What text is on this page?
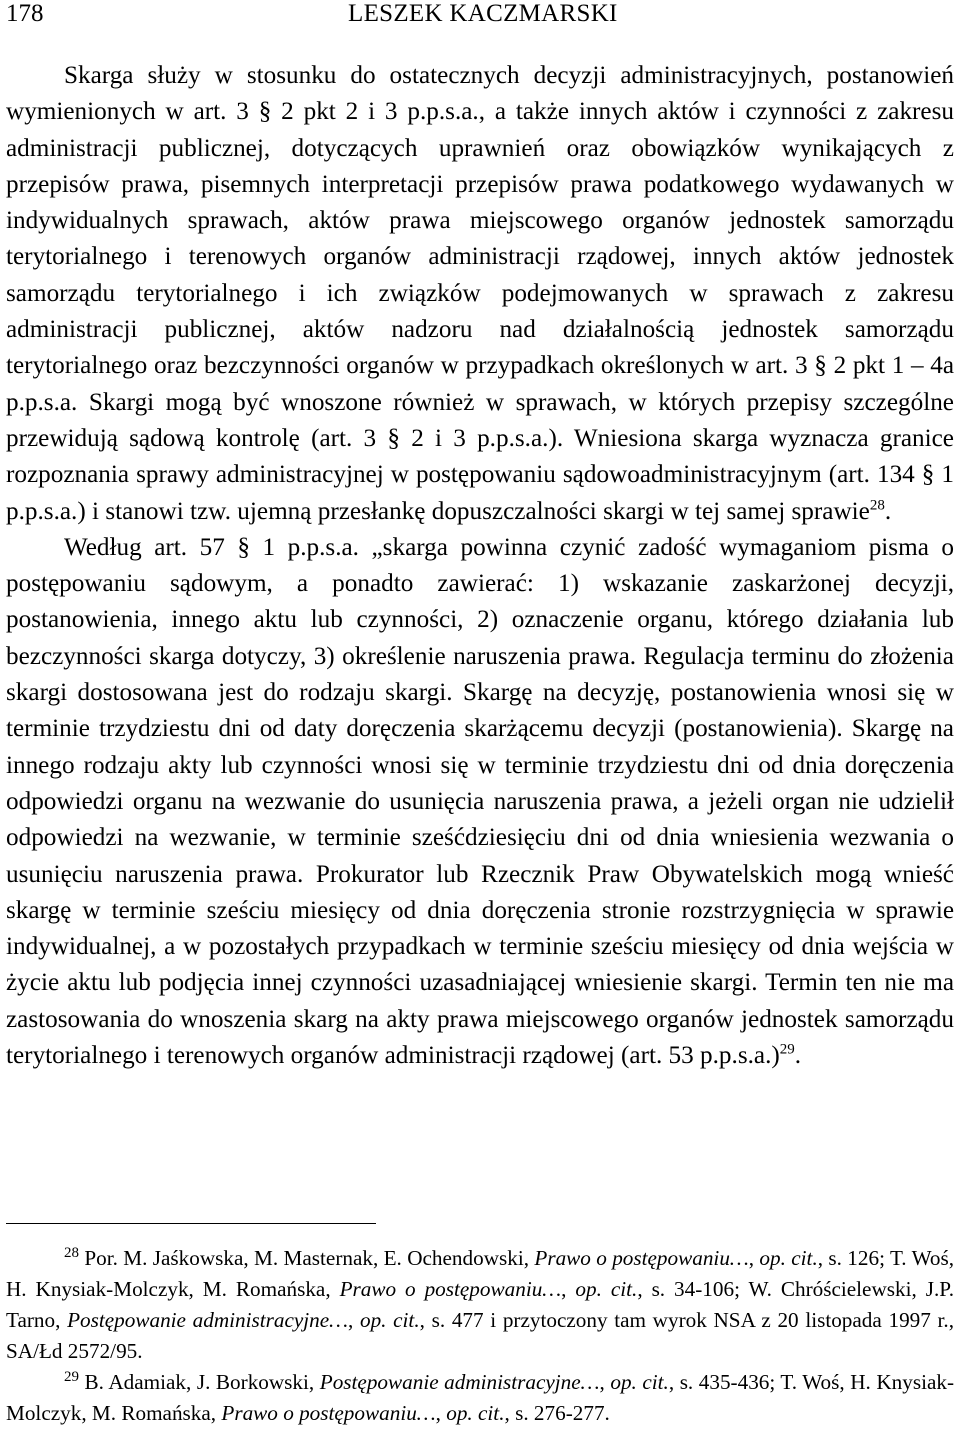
178	LESZEK KACZMARSKI

Skarga służy w stosunku do ostatecznych decyzji administracyjnych, postanowień wymienionych w art. 3 § 2 pkt 2 i 3 p.p.s.a., a także innych aktów i czynności z zakresu administracji publicznej, dotyczących uprawnień oraz obowiązków wynikających z przepisów prawa, pisemnych interpretacji przepisów prawa podatkowego wydawanych w indywidualnych sprawach, aktów prawa miejscowego organów jednostek samorządu terytorialnego i terenowych organów administracji rządowej, innych aktów jednostek samorządu terytorialnego i ich związków podejmowanych w sprawach z zakresu administracji publicznej, aktów nadzoru nad działalnością jednostek samorządu terytorialnego oraz bezczynności organów w przypadkach określonych w art. 3 § 2 pkt 1 – 4a p.p.s.a. Skargi mogą być wnoszone również w sprawach, w których przepisy szczególne przewidują sądową kontrolę (art. 3 § 2 i 3 p.p.s.a.). Wniesiona skarga wyznacza granice rozpoznania sprawy administracyjnej w postępowaniu sądowoadministracyjnym (art. 134 § 1 p.p.s.a.) i stanowi tzw. ujemną przesłankę dopuszczalności skargi w tej samej sprawie$^{28}$.

Według art. 57 § 1 p.p.s.a. „skarga powinna czynić zadość wymaganiom pisma o postępowaniu sądowym, a ponadto zawierać: 1) wskazanie zaskarżonej decyzji, postanowienia, innego aktu lub czynności, 2) oznaczenie organu, którego działania lub bezczynności skarga dotyczy, 3) określenie naruszenia prawa. Regulacja terminu do złożenia skargi dostosowana jest do rodzaju skargi. Skargę na decyzję, postanowienia wnosi się w terminie trzydziestu dni od daty doręczenia skarżącemu decyzji (postanowienia). Skargę na innego rodzaju akty lub czynności wnosi się w terminie trzydziestu dni od dnia doręczenia odpowiedzi organu na wezwanie do usunięcia naruszenia prawa, a jeżeli organ nie udzielił odpowiedzi na wezwanie, w terminie sześćdziesięciu dni od dnia wniesienia wezwania o usunięciu naruszenia prawa. Prokurator lub Rzecznik Praw Obywatelskich mogą wnieść skargę w terminie sześciu miesięcy od dnia doręczenia stronie rozstrzygnięcia w sprawie indywidualnej, a w pozostałych przypadkach w terminie sześciu miesięcy od dnia wejścia w życie aktu lub podjęcia innej czynności uzasadniającej wniesienie skargi. Termin ten nie ma zastosowania do wnoszenia skarg na akty prawa miejscowego organów jednostek samorządu terytorialnego i terenowych organów administracji rządowej (art. 53 p.p.s.a.)$^{29}$.

$^{28}$ Por. M. Jaśkowska, M. Masternak, E. Ochendowski, Prawo o postępowaniu…, op. cit., s. 126; T. Woś, H. Knysiak-Molczyk, M. Romańska, Prawo o postępowaniu…, op. cit., s. 34-106; W. Chróścielewski, J.P. Tarno, Postępowanie administracyjne…, op. cit., s. 477 i przytoczony tam wyrok NSA z 20 listopada 1997 r., SA/Łd 2572/95.

$^{29}$ B. Adamiak, J. Borkowski, Postępowanie administracyjne…, op. cit., s. 435-436; T. Woś, H. Knysiak-Molczyk, M. Romańska, Prawo o postępowaniu…, op. cit., s. 276-277.
